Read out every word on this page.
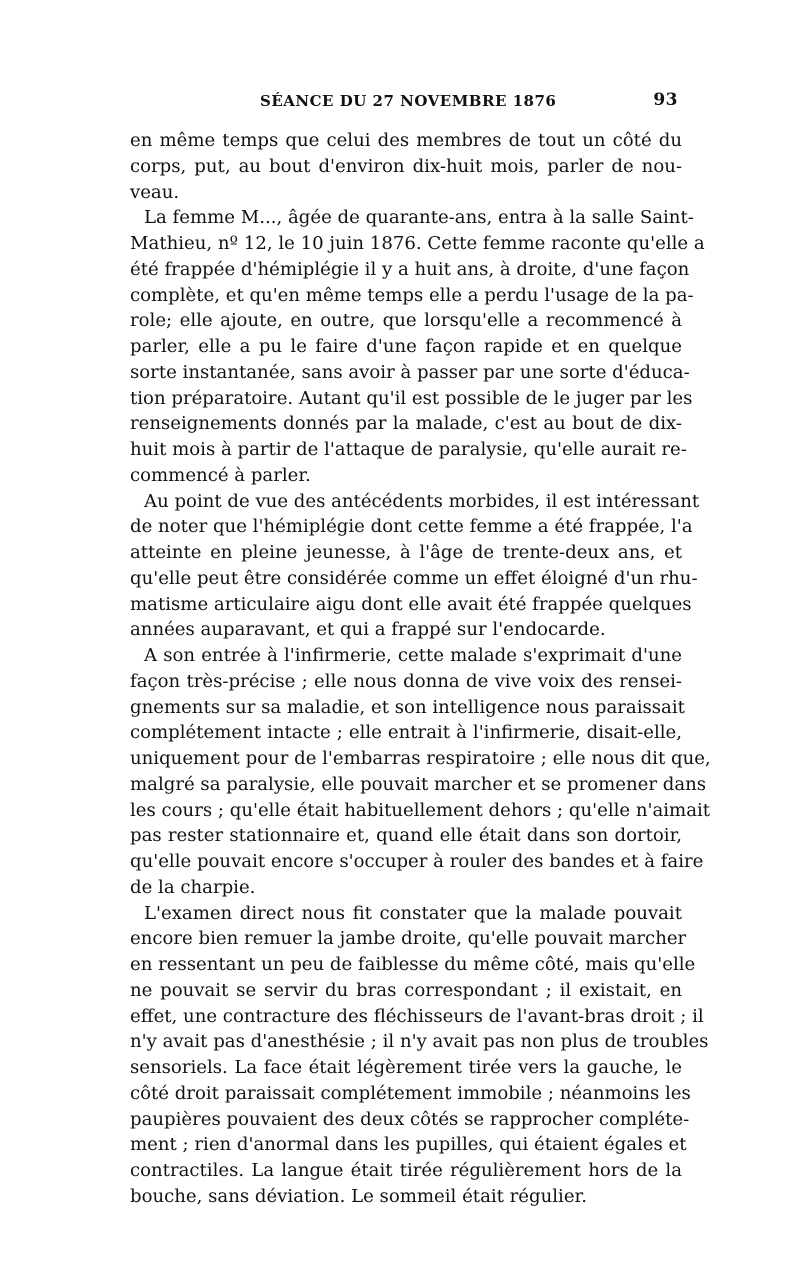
SÉANCE DU 27 NOVEMBRE 1876	93
en même temps que celui des membres de tout un côté du
corps, put, au bout d'environ dix-huit mois, parler de nou-
veau.
La femme M..., âgée de quarante-ans, entra à la salle Saint-
Mathieu, nº 12, le 10 juin 1876. Cette femme raconte qu'elle a
été frappée d'hémiplégie il y a huit ans, à droite, d'une façon
complète, et qu'en même temps elle a perdu l'usage de la pa-
role; elle ajoute, en outre, que lorsqu'elle a recommencé à
parler, elle a pu le faire d'une façon rapide et en quelque
sorte instantanée, sans avoir à passer par une sorte d'éduca-
tion préparatoire. Autant qu'il est possible de le juger par les
renseignements donnés par la malade, c'est au bout de dix-
huit mois à partir de l'attaque de paralysie, qu'elle aurait re-
commencé à parler.
Au point de vue des antécédents morbides, il est intéressant
de noter que l'hémiplégie dont cette femme a été frappée, l'a
atteinte en pleine jeunesse, à l'âge de trente-deux ans, et
qu'elle peut être considérée comme un effet éloigné d'un rhu-
matisme articulaire aigu dont elle avait été frappée quelques
années auparavant, et qui a frappé sur l'endocarde.
A son entrée à l'infirmerie, cette malade s'exprimait d'une
façon très-précise ; elle nous donna de vive voix des rensei-
gnements sur sa maladie, et son intelligence nous paraissait
complétement intacte ; elle entrait à l'infirmerie, disait-elle,
uniquement pour de l'embarras respiratoire ; elle nous dit que,
malgré sa paralysie, elle pouvait marcher et se promener dans
les cours ; qu'elle était habituellement dehors ; qu'elle n'aimait
pas rester stationnaire et, quand elle était dans son dortoir,
qu'elle pouvait encore s'occuper à rouler des bandes et à faire
de la charpie.
L'examen direct nous fit constater que la malade pouvait
encore bien remuer la jambe droite, qu'elle pouvait marcher
en ressentant un peu de faiblesse du même côté, mais qu'elle
ne pouvait se servir du bras correspondant ; il existait, en
effet, une contracture des fléchisseurs de l'avant-bras droit ; il
n'y avait pas d'anesthésie ; il n'y avait pas non plus de troubles
sensoriels. La face était légèrement tirée vers la gauche, le
côté droit paraissait complétement immobile ; néanmoins les
paupières pouvaient des deux côtés se rapprocher compléte-
ment ; rien d'anormal dans les pupilles, qui étaient égales et
contractiles. La langue était tirée régulièrement hors de la
bouche, sans déviation. Le sommeil était régulier.
